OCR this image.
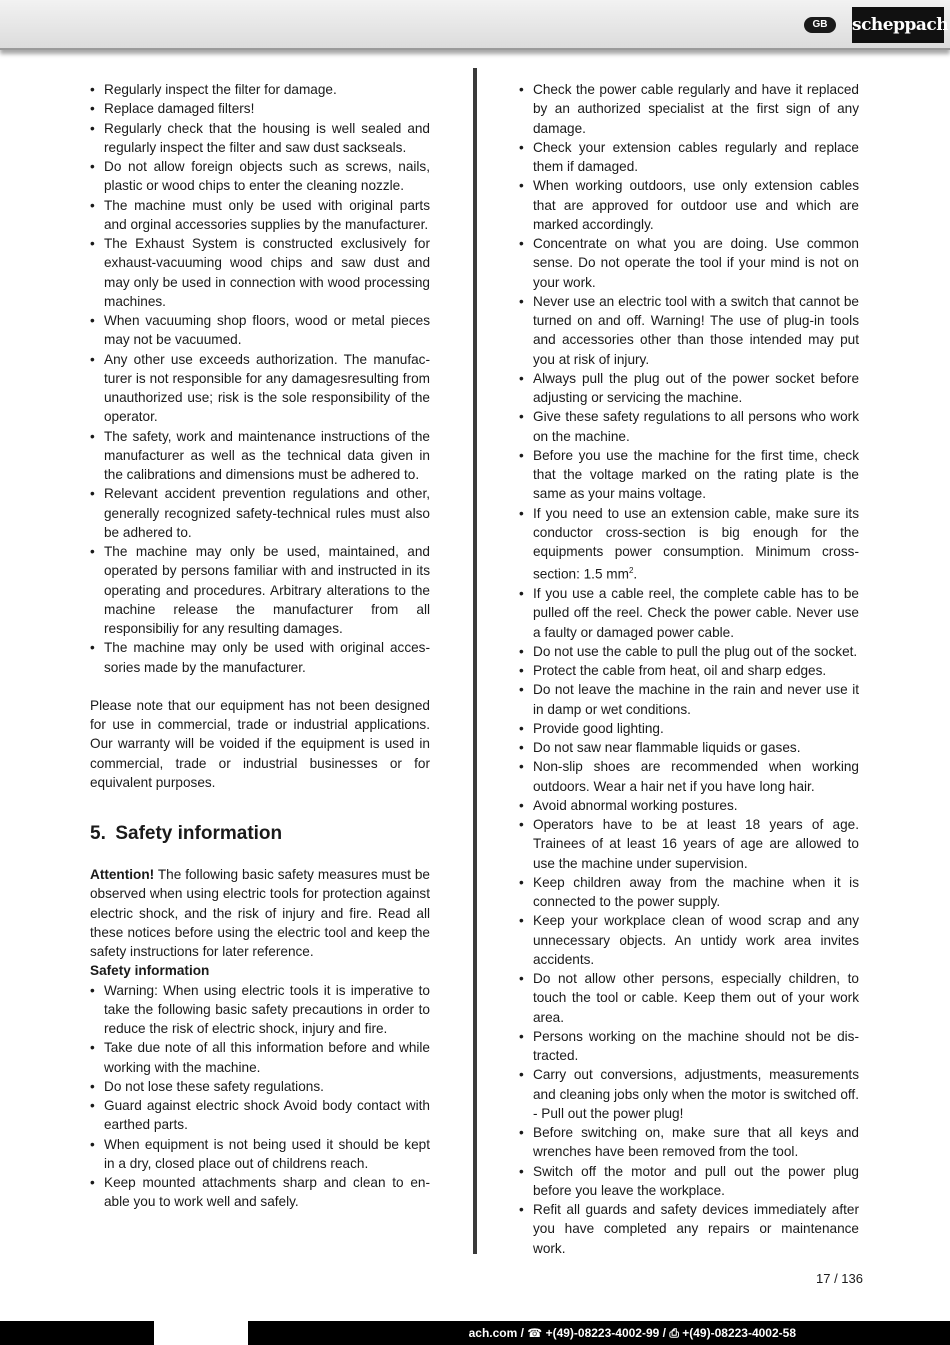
GB	scheppach
• Regularly inspect the filter for damage.
• Replace damaged filters!
• Regularly check that the housing is well sealed and regularly inspect the filter and saw dust sackseals.
• Do not allow foreign objects such as screws, nails, plastic or wood chips to enter the cleaning nozzle.
• The machine must only be used with original parts and orginal accessories supplies by the manufacturer.
• The Exhaust System is constructed exclusively for exhaust-vacuuming wood chips and saw dust and may only be used in connection with wood processing machines.
• When vacuuming shop floors, wood or metal pieces may not be vacuumed.
• Any other use exceeds authorization. The manufacturer is not responsible for any damagesresulting from unauthorized use; risk is the sole responsibility of the operator.
• The safety, work and maintenance instructions of the manufacturer as well as the technical data given in the calibrations and dimensions must be adhered to.
• Relevant accident prevention regulations and other, generally recognized safety-technical rules must also be adhered to.
• The machine may only be used, maintained, and operated by persons familiar with and instructed in its operating and procedures. Arbitrary alterations to the machine release the manufacturer from all responsibiliy for any resulting damages.
• The machine may only be used with original accessories made by the manufacturer.

Please note that our equipment has not been designed for use in commercial, trade or industrial applications. Our warranty will be voided if the equipment is used in commercial, trade or industrial businesses or for equivalent purposes.

5. Safety information

Attention! The following basic safety measures must be observed when using electric tools for protection against electric shock, and the risk of injury and fire. Read all these notices before using the electric tool and keep the safety instructions for later reference.

Safety information

• Warning: When using electric tools it is imperative to take the following basic safety precautions in order to reduce the risk of electric shock, injury and fire.
• Take due note of all this information before and while working with the machine.
• Do not lose these safety regulations.
• Guard against electric shock Avoid body contact with earthed parts.
• When equipment is not being used it should be kept in a dry, closed place out of childrens reach.
• Keep mounted attachments sharp and clean to enable you to work well and safely.
• Check the power cable regularly and have it replaced by an authorized specialist at the first sign of any damage.
• Check your extension cables regularly and replace them if damaged.
• When working outdoors, use only extension cables that are approved for outdoor use and which are marked accordingly.
• Concentrate on what you are doing. Use common sense. Do not operate the tool if your mind is not on your work.
• Never use an electric tool with a switch that cannot be turned on and off. Warning! The use of plug-in tools and accessories other than those intended may put you at risk of injury.
• Always pull the plug out of the power socket before adjusting or servicing the machine.
• Give these safety regulations to all persons who work on the machine.
• Before you use the machine for the first time, check that the voltage marked on the rating plate is the same as your mains voltage.
• If you need to use an extension cable, make sure its conductor cross-section is big enough for the equipments power consumption. Minimum cross-section: 1.5 $mm^2$.
• If you use a cable reel, the complete cable has to be pulled off the reel. Check the power cable. Never use a faulty or damaged power cable.
• Do not use the cable to pull the plug out of the socket.
• Protect the cable from heat, oil and sharp edges.
• Do not leave the machine in the rain and never use it in damp or wet conditions.
• Provide good lighting.
• Do not saw near flammable liquids or gases.
• Non-slip shoes are recommended when working outdoors. Wear a hair net if you have long hair.
• Avoid abnormal working postures.
• Operators have to be at least 18 years of age. Trainees of at least 16 years of age are allowed to use the machine under supervision.
• Keep children away from the machine when it is connected to the power supply.
• Keep your workplace clean of wood scrap and any unnecessary objects. An untidy work area invites accidents.
• Do not allow other persons, especially children, to touch the tool or cable. Keep them out of your work area.
• Persons working on the machine should not be distracted.
• Carry out conversions, adjustments, measurements and cleaning jobs only when the motor is switched off. - Pull out the power plug!
• Before switching on, make sure that all keys and wrenches have been removed from the tool.
• Switch off the motor and pull out the power plug before you leave the workplace.
• Refit all guards and safety devices immediately after you have completed any repairs or maintenance work.
17 / 136
ach.com / ☎ +(49)-08223-4002-99 / ⎙ +(49)-08223-4002-58
